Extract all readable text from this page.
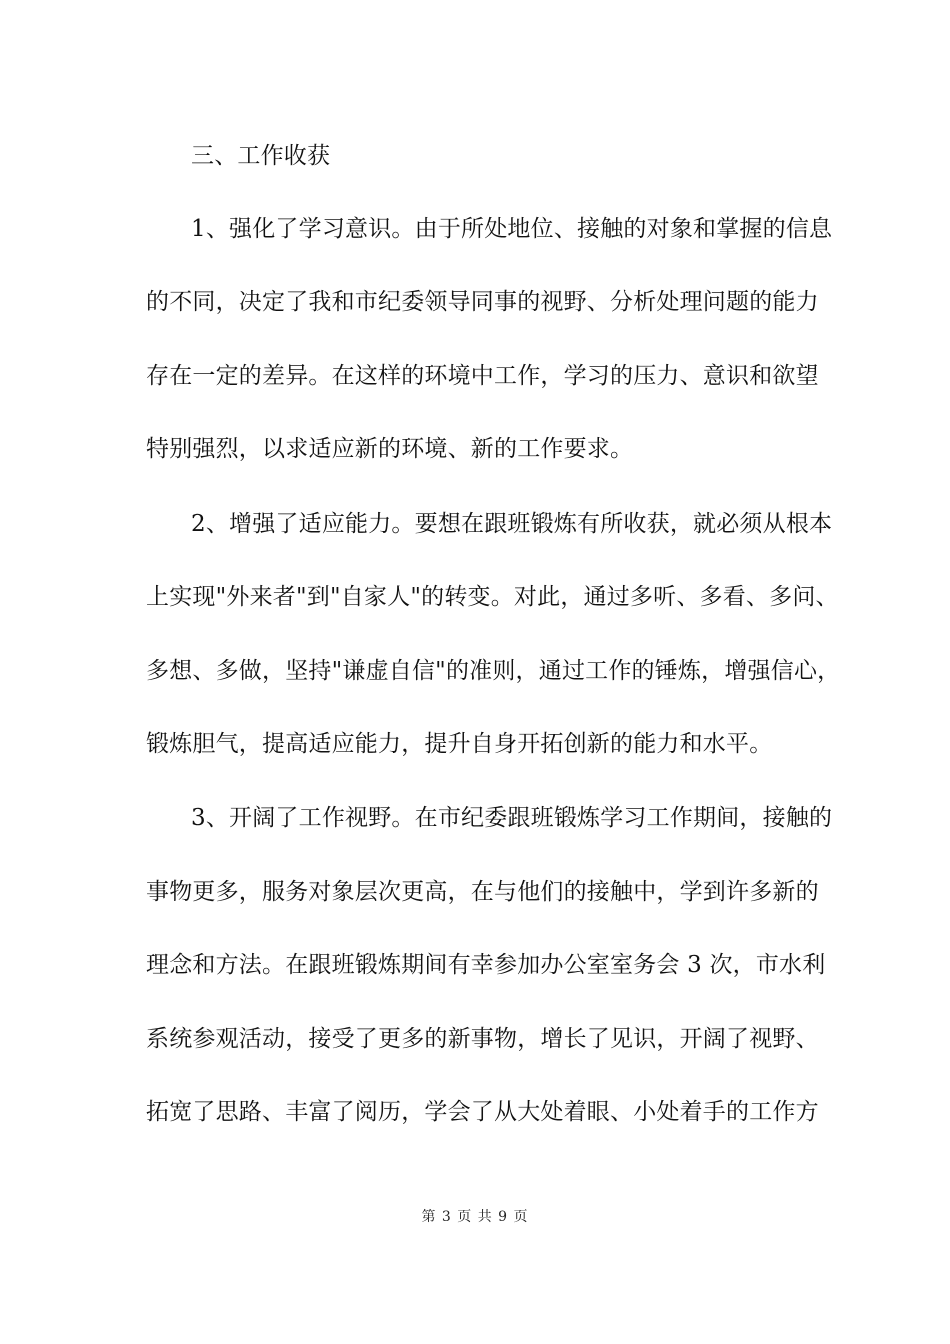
三、工作收获
1、强化了学习意识。由于所处地位、接触的对象和掌握的信息
的不同，决定了我和市纪委领导同事的视野、分析处理问题的能力
存在一定的差异。在这样的环境中工作，学习的压力、意识和欲望
特别强烈，以求适应新的环境、新的工作要求。
2、增强了适应能力。要想在跟班锻炼有所收获，就必须从根本
上实现"外来者"到"自家人"的转变。对此，通过多听、多看、多问、
多想、多做，坚持"谦虚自信"的准则，通过工作的锤炼，增强信心，
锻炼胆气，提高适应能力，提升自身开拓创新的能力和水平。
3、开阔了工作视野。在市纪委跟班锻炼学习工作期间，接触的
事物更多，服务对象层次更高，在与他们的接触中，学到许多新的
理念和方法。在跟班锻炼期间有幸参加办公室室务会 3 次，市水利
系统参观活动，接受了更多的新事物，增长了见识，开阔了视野、
拓宽了思路、丰富了阅历，学会了从大处着眼、小处着手的工作方
第 3 页 共 9 页
